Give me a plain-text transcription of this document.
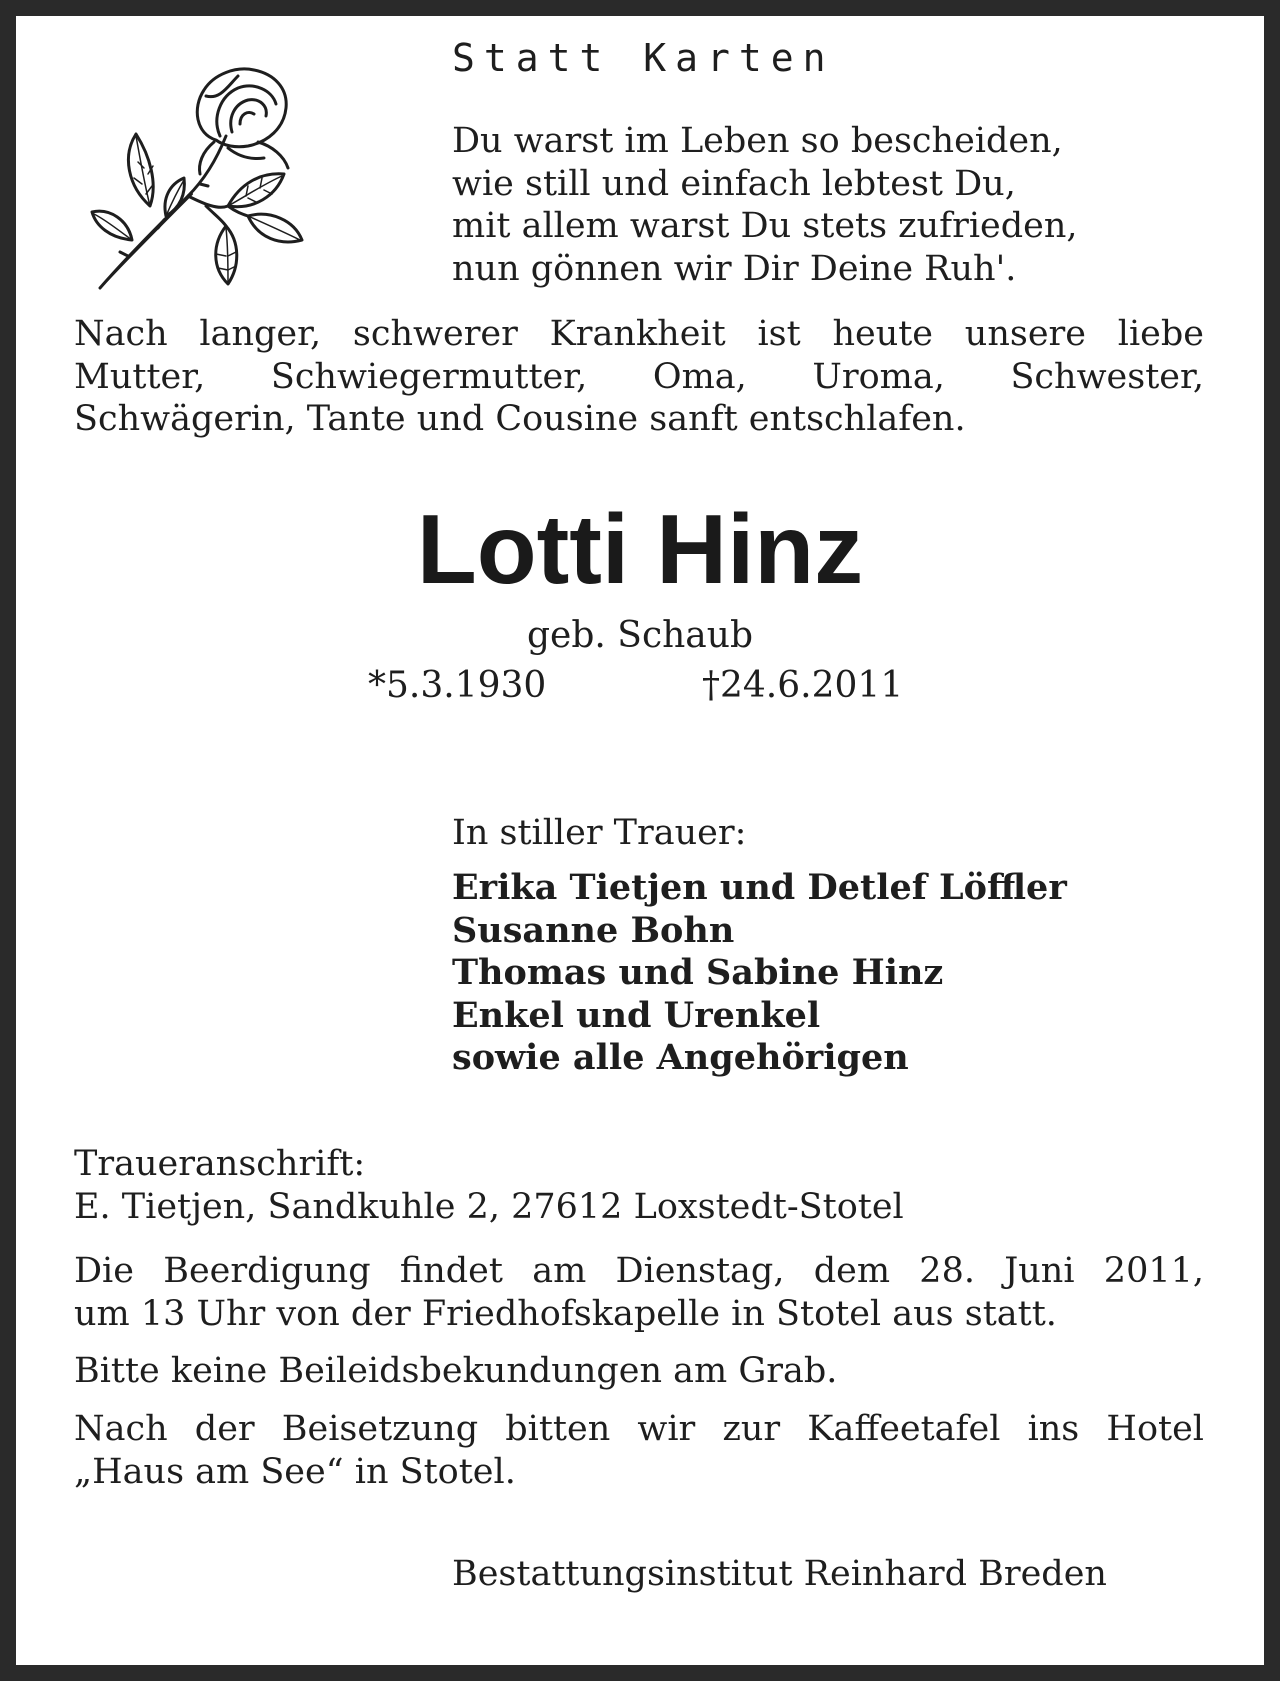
Statt Karten
Du warst im Leben so bescheiden,
wie still und einfach lebtest Du,
mit allem warst Du stets zufrieden,
nun gönnen wir Dir Deine Ruh'.
Nach langer, schwerer Krankheit ist heute unsere liebe
Mutter, Schwiegermutter, Oma, Uroma, Schwester,
Schwägerin, Tante und Cousine sanft entschlafen.
Lotti Hinz
geb. Schaub
*5.3.1930	†24.6.2011
In stiller Trauer:
Erika Tietjen und Detlef Löffler
Susanne Bohn
Thomas und Sabine Hinz
Enkel und Urenkel
sowie alle Angehörigen
Traueranschrift:
E. Tietjen, Sandkuhle 2, 27612 Loxstedt-Stotel
Die Beerdigung findet am Dienstag, dem 28. Juni 2011,
um 13 Uhr von der Friedhofskapelle in Stotel aus statt.
Bitte keine Beileidsbekundungen am Grab.
Nach der Beisetzung bitten wir zur Kaffeetafel ins Hotel
„Haus am See“ in Stotel.
Bestattungsinstitut Reinhard Breden
